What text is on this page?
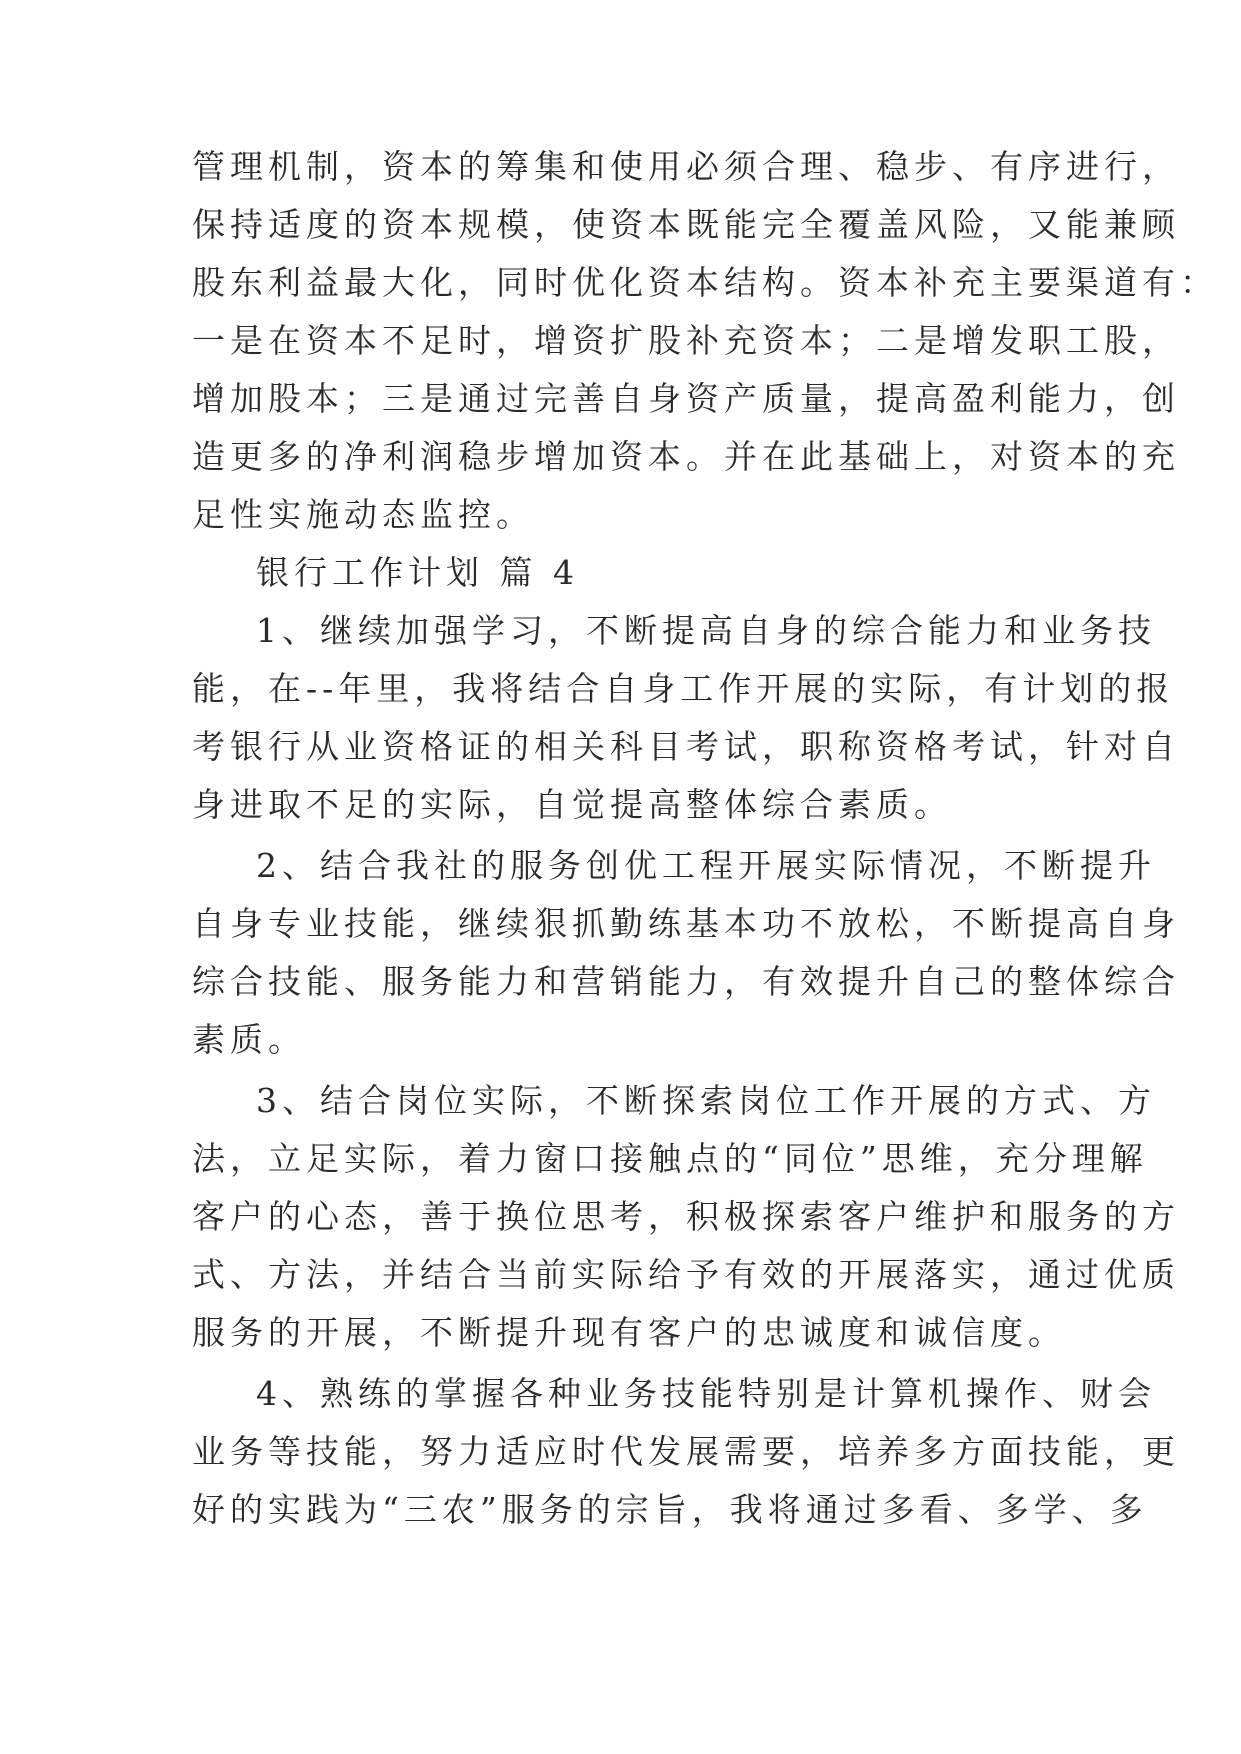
管理机制，资本的筹集和使用必须合理、稳步、有序进行，
保持适度的资本规模，使资本既能完全覆盖风险，又能兼顾
股东利益最大化，同时优化资本结构。资本补充主要渠道有：
一是在资本不足时，增资扩股补充资本；二是增发职工股，
增加股本；三是通过完善自身资产质量，提高盈利能力，创
造更多的净利润稳步增加资本。并在此基础上，对资本的充
足性实施动态监控。
银行工作计划 篇 4
1、继续加强学习，不断提高自身的综合能力和业务技
能，在--年里，我将结合自身工作开展的实际，有计划的报
考银行从业资格证的相关科目考试，职称资格考试，针对自
身进取不足的实际，自觉提高整体综合素质。
2、结合我社的服务创优工程开展实际情况，不断提升
自身专业技能，继续狠抓勤练基本功不放松，不断提高自身
综合技能、服务能力和营销能力，有效提升自己的整体综合
素质。
3、结合岗位实际，不断探索岗位工作开展的方式、方
法，立足实际，着力窗口接触点的“同位”思维，充分理解
客户的心态，善于换位思考，积极探索客户维护和服务的方
式、方法，并结合当前实际给予有效的开展落实，通过优质
服务的开展，不断提升现有客户的忠诚度和诚信度。
4、熟练的掌握各种业务技能特别是计算机操作、财会
业务等技能，努力适应时代发展需要，培养多方面技能，更
好的实践为“三农”服务的宗旨，我将通过多看、多学、多
